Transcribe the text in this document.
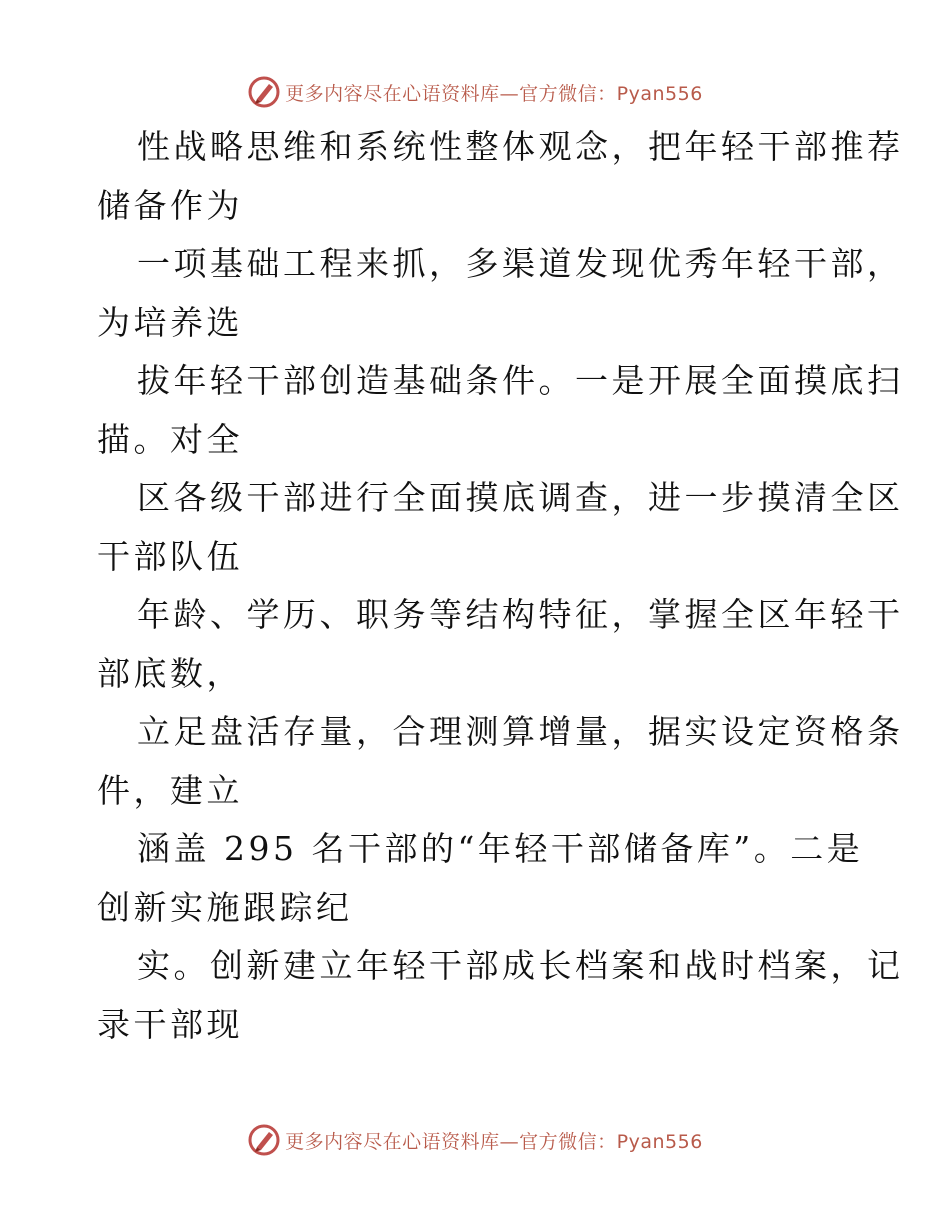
更多内容尽在心语资料库—官方微信：Pyan556
性战略思维和系统性整体观念，把年轻干部推荐
储备作为
一项基础工程来抓，多渠道发现优秀年轻干部，
为培养选
拔年轻干部创造基础条件。一是开展全面摸底扫
描。对全
区各级干部进行全面摸底调查，进一步摸清全区
干部队伍
年龄、学历、职务等结构特征，掌握全区年轻干
部底数，
立足盘活存量，合理测算增量，据实设定资格条
件，建立
涵盖 295 名干部的“年轻干部储备库”。二是
创新实施跟踪纪
实。创新建立年轻干部成长档案和战时档案，记
录干部现
更多内容尽在心语资料库—官方微信：Pyan556
